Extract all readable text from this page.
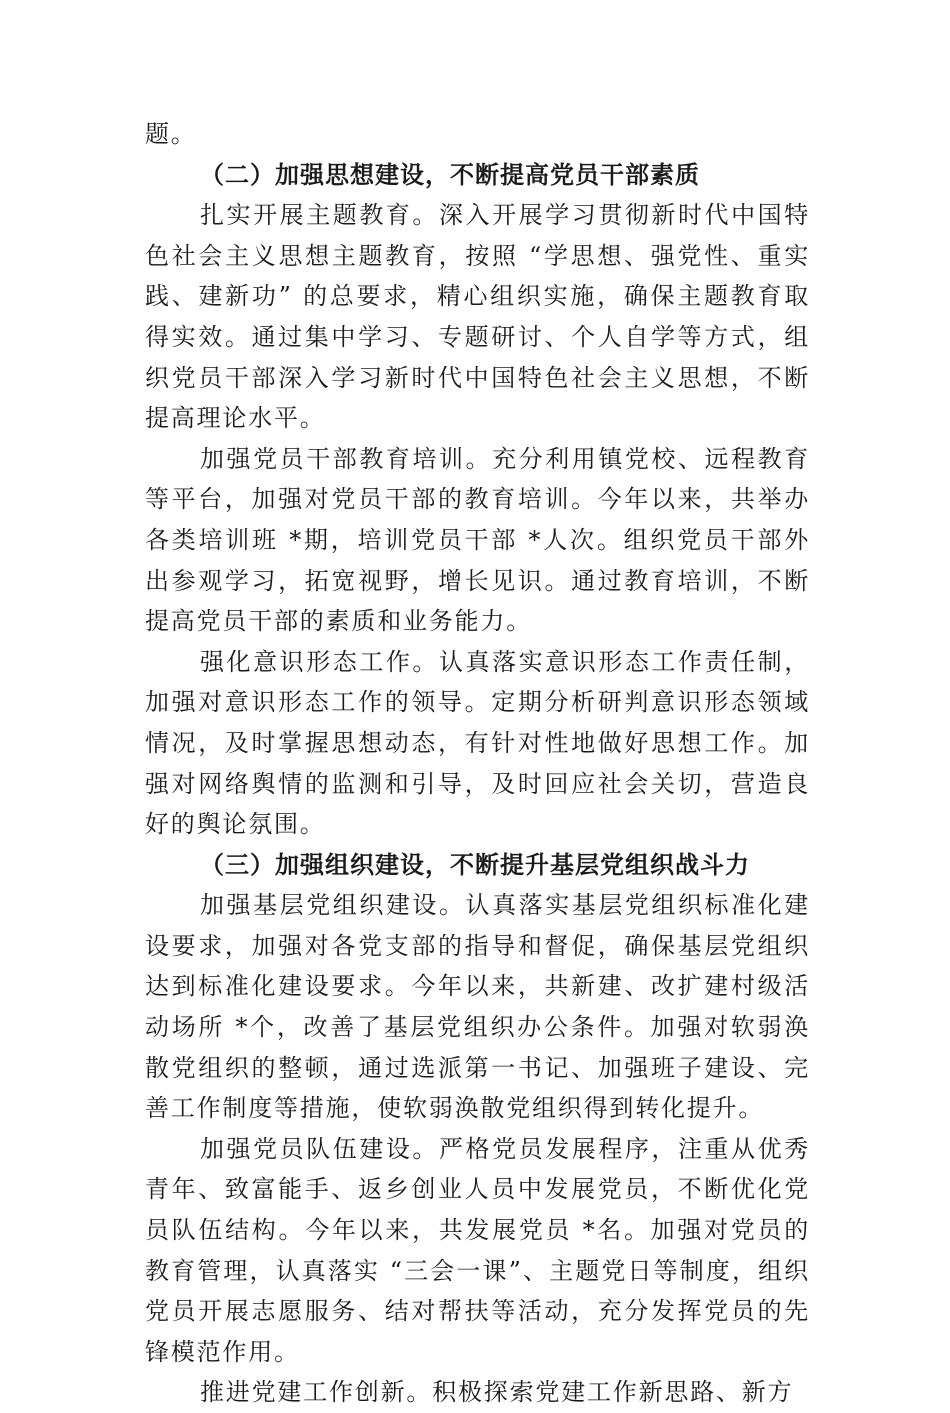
题。

（二）加强思想建设，不断提高党员干部素质

扎实开展主题教育。深入开展学习贯彻新时代中国特色社会主义思想主题教育，按照 “学思想、强党性、重实践、建新功” 的总要求，精心组织实施，确保主题教育取得实效。通过集中学习、专题研讨、个人自学等方式，组织党员干部深入学习新时代中国特色社会主义思想，不断提高理论水平。

加强党员干部教育培训。充分利用镇党校、远程教育等平台，加强对党员干部的教育培训。今年以来，共举办各类培训班 *期，培训党员干部 *人次。组织党员干部外出参观学习，拓宽视野，增长见识。通过教育培训，不断提高党员干部的素质和业务能力。

强化意识形态工作。认真落实意识形态工作责任制，加强对意识形态工作的领导。定期分析研判意识形态领域情况，及时掌握思想动态，有针对性地做好思想工作。加强对网络舆情的监测和引导，及时回应社会关切，营造良好的舆论氛围。

（三）加强组织建设，不断提升基层党组织战斗力

加强基层党组织建设。认真落实基层党组织标准化建设要求，加强对各党支部的指导和督促，确保基层党组织达到标准化建设要求。今年以来，共新建、改扩建村级活动场所 *个，改善了基层党组织办公条件。加强对软弱涣散党组织的整顿，通过选派第一书记、加强班子建设、完善工作制度等措施，使软弱涣散党组织得到转化提升。

加强党员队伍建设。严格党员发展程序，注重从优秀青年、致富能手、返乡创业人员中发展党员，不断优化党员队伍结构。今年以来，共发展党员 *名。加强对党员的教育管理，认真落实 “三会一课”、主题党日等制度，组织党员开展志愿服务、结对帮扶等活动，充分发挥党员的先锋模范作用。

推进党建工作创新。积极探索党建工作新思路、新方
